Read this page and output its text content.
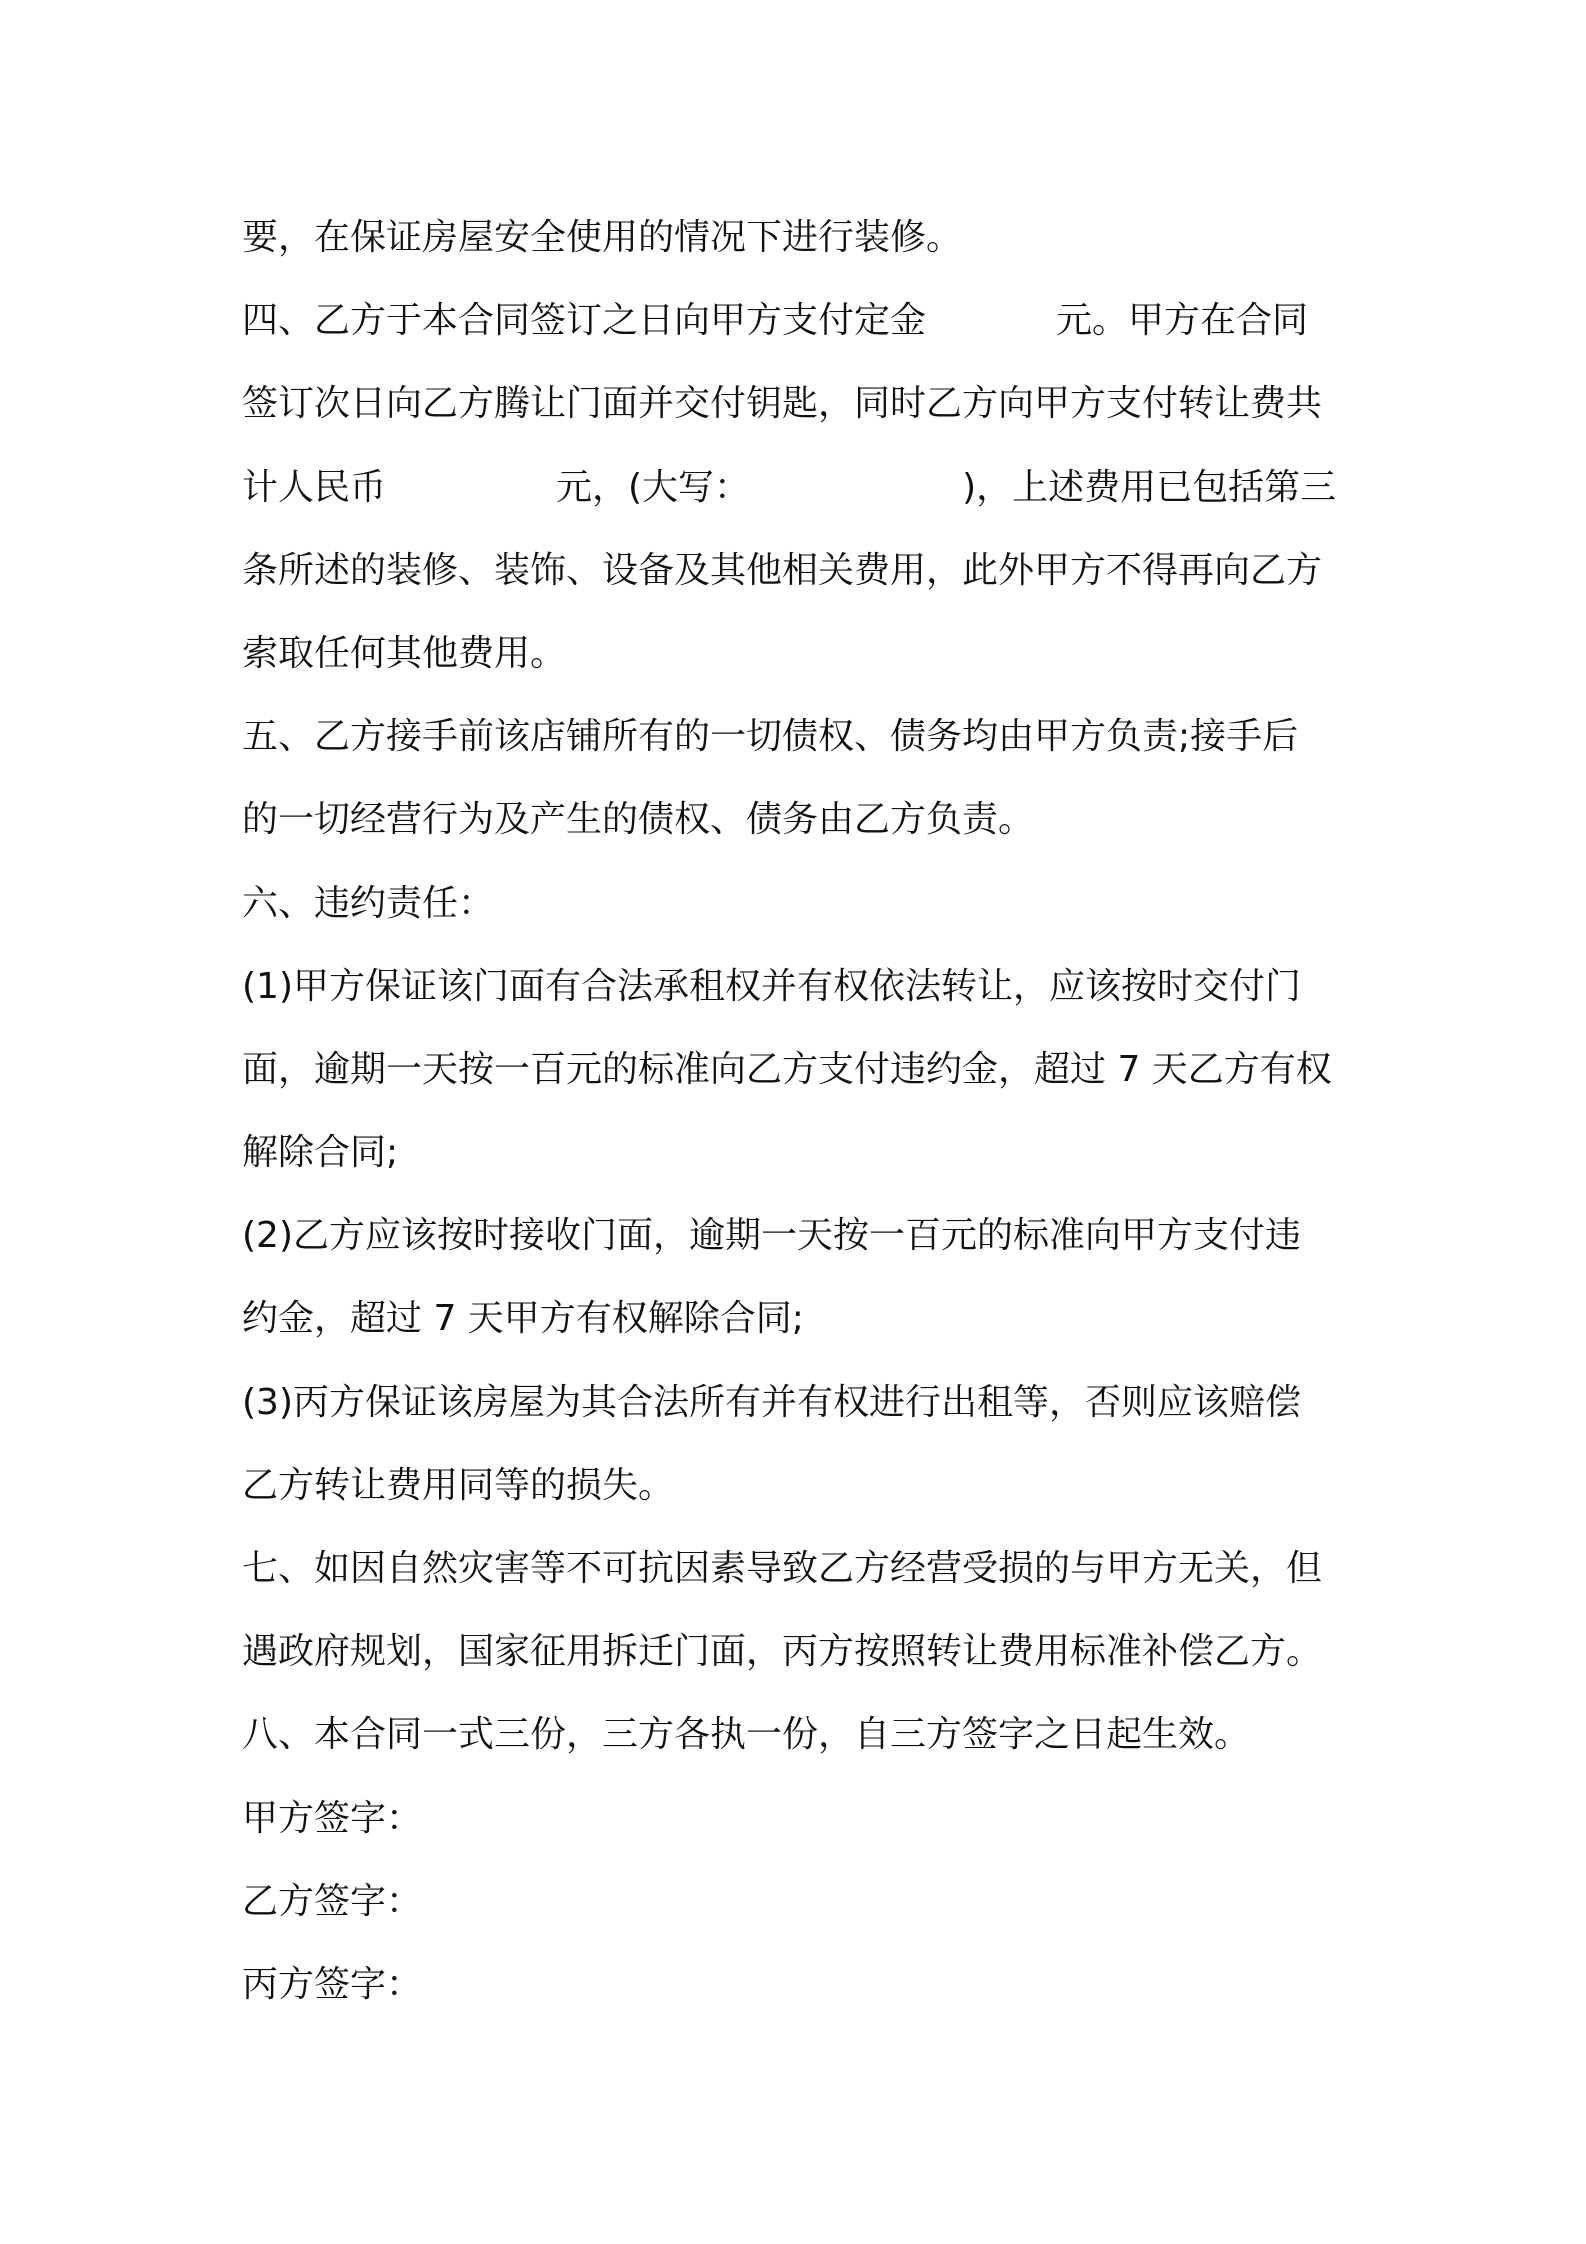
要，在保证房屋安全使用的情况下进行装修。
四、乙方于本合同签订之日向甲方支付定金	元。甲方在合同
签订次日向乙方腾让门面并交付钥匙，同时乙方向甲方支付转让费共
计人民币	元，(大写：	)，上述费用已包括第三
条所述的装修、装饰、设备及其他相关费用，此外甲方不得再向乙方
索取任何其他费用。
五、乙方接手前该店铺所有的一切债权、债务均由甲方负责;接手后
的一切经营行为及产生的债权、债务由乙方负责。
六、违约责任：
(1)甲方保证该门面有合法承租权并有权依法转让，应该按时交付门
面，逾期一天按一百元的标准向乙方支付违约金，超过 7 天乙方有权
解除合同;
(2)乙方应该按时接收门面，逾期一天按一百元的标准向甲方支付违
约金，超过 7 天甲方有权解除合同;
(3)丙方保证该房屋为其合法所有并有权进行出租等，否则应该赔偿
乙方转让费用同等的损失。
七、如因自然灾害等不可抗因素导致乙方经营受损的与甲方无关，但
遇政府规划，国家征用拆迁门面，丙方按照转让费用标准补偿乙方。
八、本合同一式三份，三方各执一份，自三方签字之日起生效。
甲方签字：
乙方签字：
丙方签字：
